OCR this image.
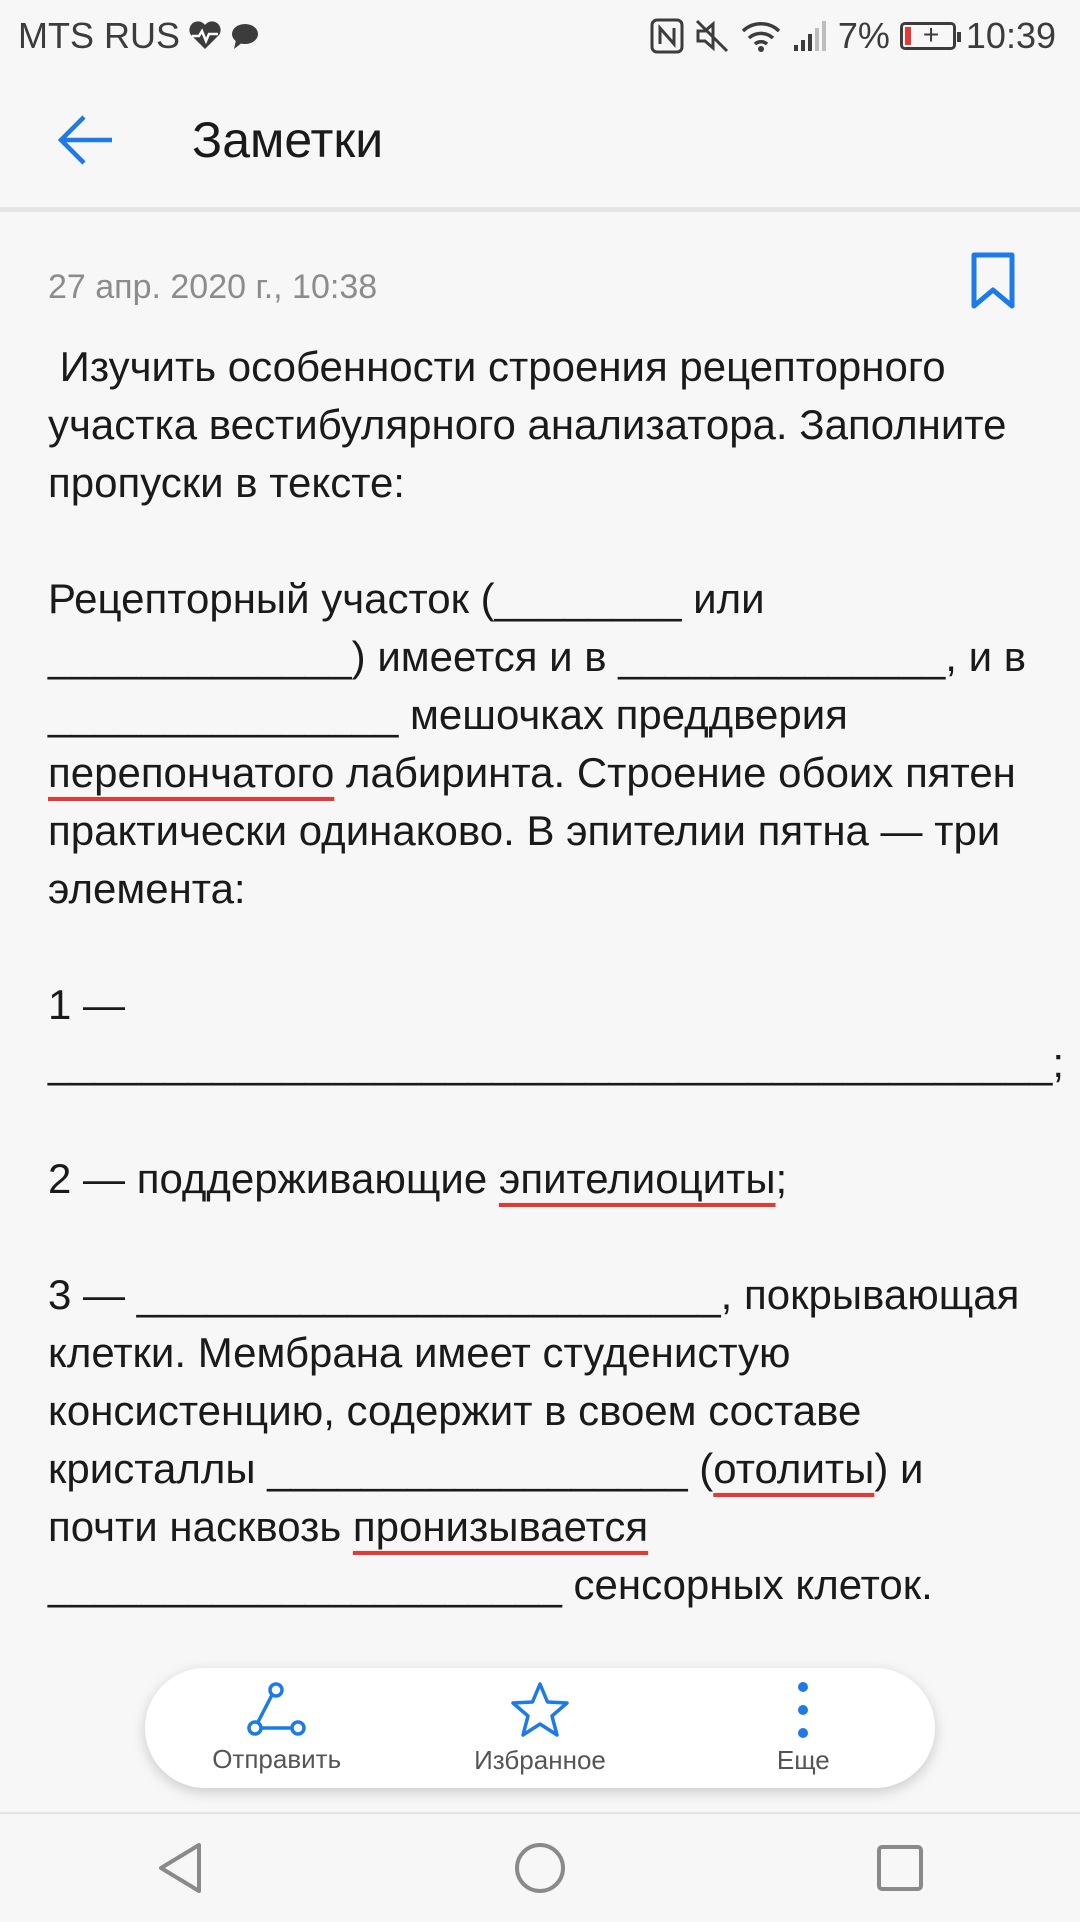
MTS RUS	7% + 10:39
Заметки
27 апр. 2020 г., 10:38

Изучить особенности строения рецепторного участка вестибулярного анализатора. Заполните пропуски в тексте:

Рецепторный участок (________ или _____________) имеется и в ______________, и в _______________ мешочках преддверия перепончатого лабиринта. Строение обоих пятен практически одинаково. В эпителии пятна — три элемента:

1 —

___________________________________________;

2 — поддерживающие эпителиоциты;

3 — _________________________, покрывающая клетки. Мембрана имеет студенистую консистенцию, содержит в своем составе кристаллы __________________ (отолиты) и почти насквозь пронизывается ______________________ сенсорных клеток.

Отправить	Избранное	Еще
